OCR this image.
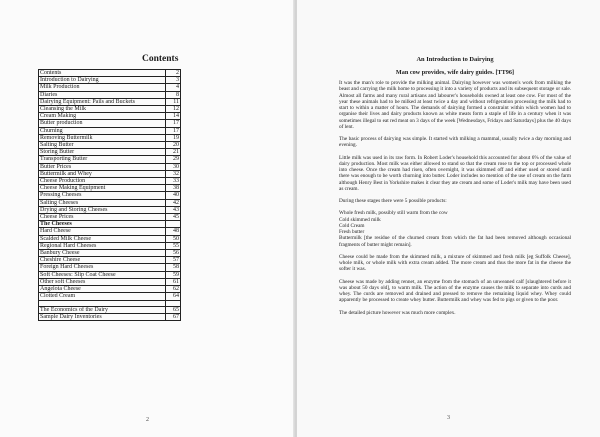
Contents
Contents	2
Introduction to Dairying	3
Milk Production	4
Diaries	8
Dairying Equipment: Pails and Buckets	11
Cleansing the Milk	12
Cream Making	14
Butter production	17
Churning	17
Removing Buttermilk	19
Salting Butter	20
Storing Butter	21
Transporting Butter	29
Butter Prices	30
Buttermilk and Whey	32
Cheese Production	33
Cheese Making Equipment	38
Pressing Cheeses	40
Salting Cheeses	42
Drying and Storing Cheeses	43
Cheese Prices	45
The Cheeses	
Hard Cheese	48
Scalded Milk Cheese	50
Regional Hard Cheeses	55
Banbury Cheese	56
Cheshire Cheese	57
Foreign Hard Cheeses	58
Soft Cheeses: Slip Coat Cheese	59
Other soft Cheeses	61
Angelota Cheese	62
Clotted Cream	64

The Economics of the Dairy	65
Sample Dairy Inventories	67
2
An Introduction to Dairying
Man cow provides, wife dairy guides. [TT96]

It was the man's role to provide the milking animal. Dairying however was women's work from milking the beast and carrying the milk home to processing it into a variety of products and its subsequent storage or sale. Almost all farms and many rural artisans and labourer's households owned at least one cow. For most of the year these animals had to be milked at least twice a day and without refrigeration processing the milk had to start to within a matter of hours. The demands of dairying formed a constraint within which women had to organise their lives and dairy products known as white meats form a staple of life in a century when it was sometimes illegal to eat red meat on 3 days of the week [Wednesdays, Fridays and Saturdays] plus the 40 days of lent.

The basic process of dairying was simple. It started with milking a mammal, usually twice a day morning and evening.

Little milk was used in its raw form. In Robert Loder's household this accounted for about 6% of the value of dairy production. Most milk was either allowed to stand so that the cream rose to the top or processed whole into cheese. Once the cream had risen, often overnight, it was skimmed off and either used or stored until there was enough to be worth churning into butter. Loder includes no mention of the use of cream on the farm although Henry Best in Yorkshire makes it clear they ate cream and some of Loder's milk may have been used as cream.

During these stages there were 5 possible products:

Whole fresh milk, possibly still warm from the cow
Cold skimmed milk
Cold Cream
Fresh butter
Buttermilk [the residue of the churned cream from which the fat had been removed although occasional fragments of butter might remain].

Cheese could be made from the skimmed milk, a mixture of skimmed and fresh milk [eg Suffolk Cheese], whole milk, or whole milk with extra cream added. The more cream and thus the more fat in the cheese the softer it was.

Cheese was made by adding rennet, an enzyme from the stomach of an unweaned calf [slaughtered before it was about 50 days old], to warm milk. The action of the enzyme causes the milk to separate into curds and whey. The curds are removed and drained and pressed to remove the remaining liquid whey. Whey could apparently be processed to create whey butter. Buttermilk and whey was fed to pigs or given to the poor.

The detailed picture however was much more complex.

3
